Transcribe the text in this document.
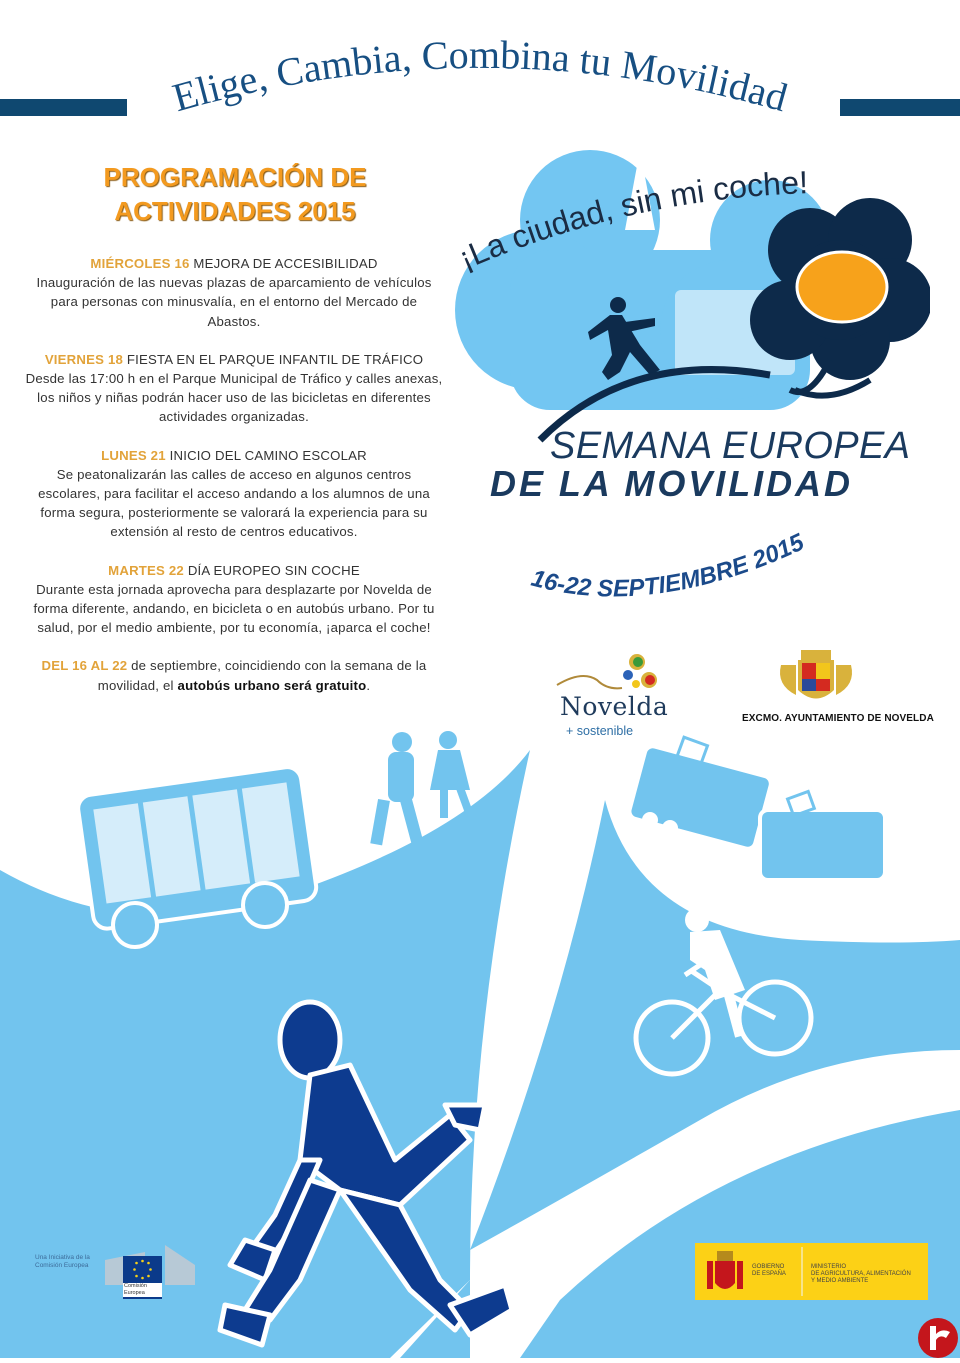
Elige, Cambia, Combina tu Movilidad
PROGRAMACIÓN DE
ACTIVIDADES 2015
MIÉRCOLES 16 MEJORA DE ACCESIBILIDAD
Inauguración de las nuevas plazas de aparcamiento de vehículos para personas con minusvalía, en el entorno del Mercado de Abastos.
VIERNES 18 FIESTA EN EL PARQUE INFANTIL DE TRÁFICO
Desde las 17:00 h en el Parque Municipal de Tráfico y calles anexas, los niños y niñas podrán hacer uso de las bicicletas en diferentes actividades organizadas.
LUNES 21 INICIO DEL CAMINO ESCOLAR
Se peatonalizarán las calles de acceso en algunos centros escolares, para facilitar el acceso andando a los alumnos de una forma segura, posteriormente se valorará la experiencia para su extensión al resto de centros educativos.
MARTES 22 DÍA EUROPEO SIN COCHE
Durante esta jornada aprovecha para desplazarte por Novelda de forma diferente, andando, en bicicleta o en autobús urbano. Por tu salud, por el medio ambiente, por tu economía, ¡aparca el coche!
DEL 16 AL 22 de septiembre, coincidiendo con la semana de la movilidad, el autobús urbano será gratuito.
¡La ciudad, sin mi coche!
SEMANA EUROPEA
DE LA MOVILIDAD
16-22 SEPTIEMBRE 2015
Novelda
+ sostenible
EXCMO. AYUNTAMIENTO DE NOVELDA
Una Iniciativa de la
Comisión Europea
Comisión
Europea
GOBIERNO
DE ESPAÑA
MINISTERIO
DE AGRICULTURA, ALIMENTACIÓN
Y MEDIO AMBIENTE
